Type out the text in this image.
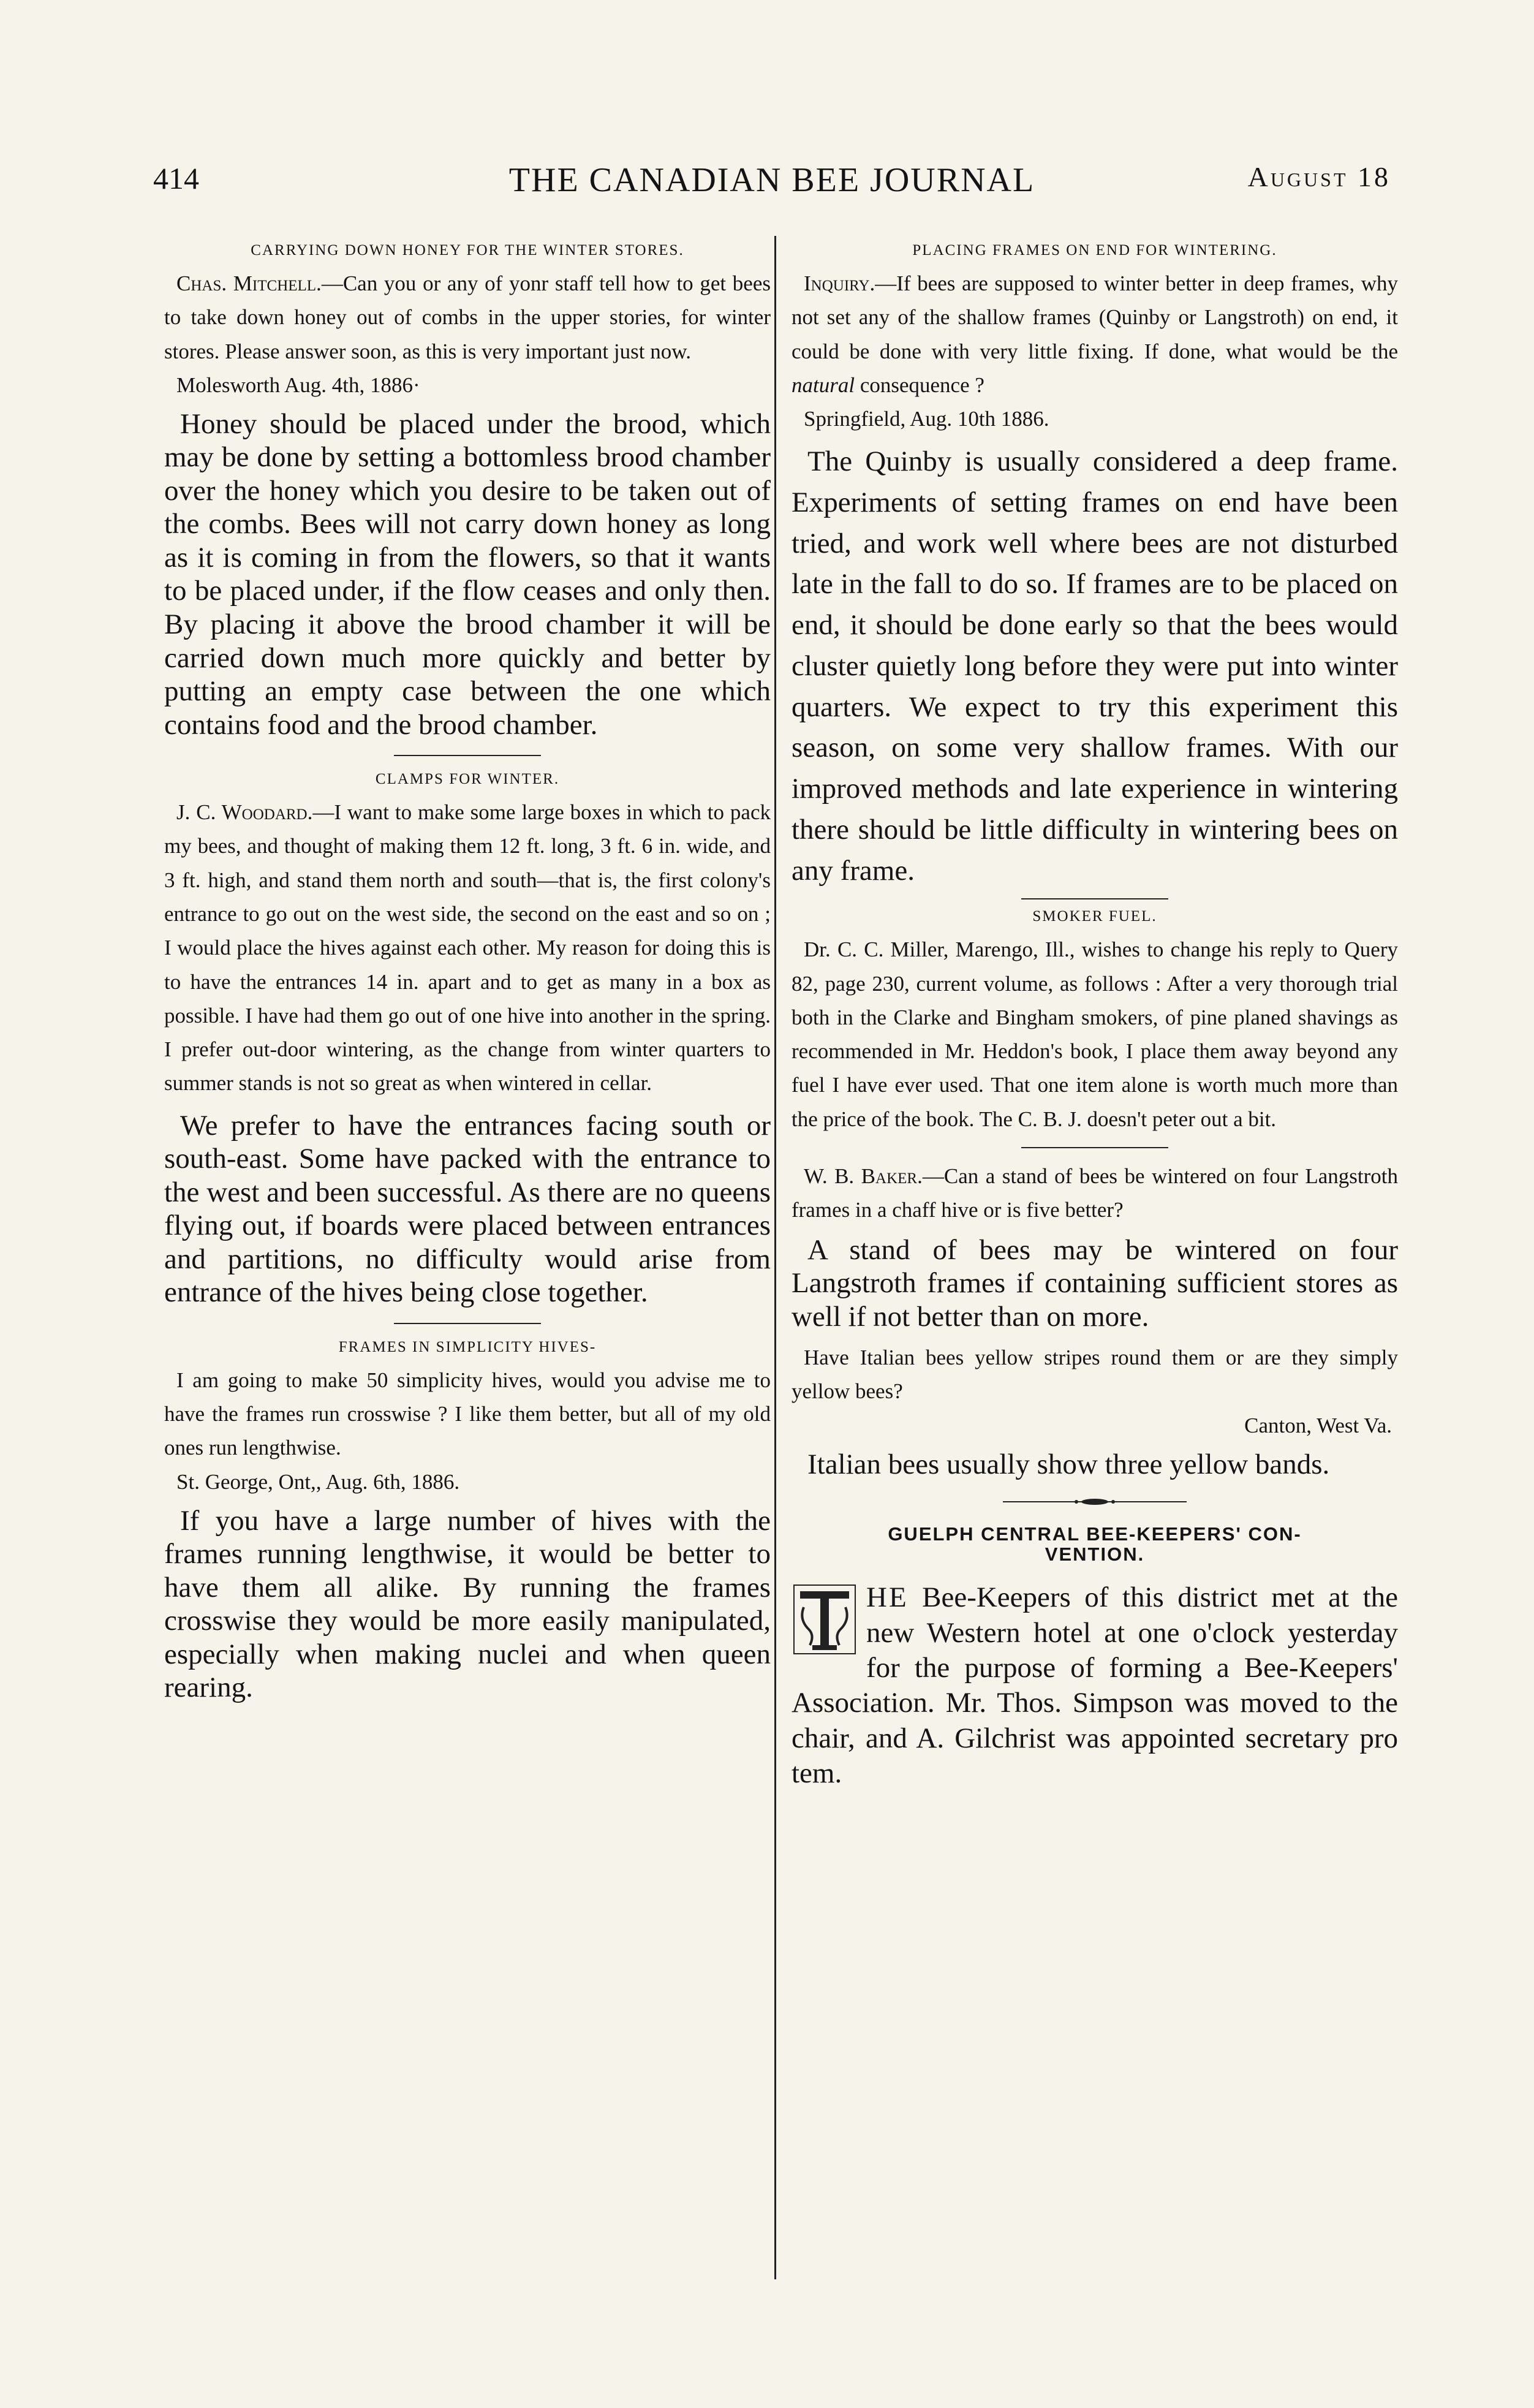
414	THE CANADIAN BEE JOURNAL	August 18
CARRYING DOWN HONEY FOR THE WINTER STORES.

Chas. Mitchell.—Can you or any of yonr staff tell how to get bees to take down honey out of combs in the upper stories, for winter stores. Please answer soon, as this is very important just now.

Molesworth Aug. 4th, 1886·

Honey should be placed under the brood, which may be done by setting a bottomless brood chamber over the honey which you desire to be taken out of the combs. Bees will not carry down honey as long as it is coming in from the flowers, so that it wants to be placed under, if the flow ceases and only then. By placing it above the brood chamber it will be carried down much more quickly and better by putting an empty case between the one which contains food and the brood chamber.

CLAMPS FOR WINTER.

J. C. Woodard.—I want to make some large boxes in which to pack my bees, and thought of making them 12 ft. long, 3 ft. 6 in. wide, and 3 ft. high, and stand them north and south—that is, the first colony's entrance to go out on the west side, the second on the east and so on ; I would place the hives against each other. My reason for doing this is to have the entrances 14 in. apart and to get as many in a box as possible. I have had them go out of one hive into another in the spring. I prefer out-door wintering, as the change from winter quarters to summer stands is not so great as when wintered in cellar.

We prefer to have the entrances facing south or south-east. Some have packed with the entrance to the west and been successful. As there are no queens flying out, if boards were placed between entrances and partitions, no difficulty would arise from entrance of the hives being close together.

FRAMES IN SIMPLICITY HIVES-

I am going to make 50 simplicity hives, would you advise me to have the frames run crosswise ? I like them better, but all of my old ones run lengthwise.

St. George, Ont,, Aug. 6th, 1886.

If you have a large number of hives with the frames running lengthwise, it would be better to have them all alike. By running the frames crosswise they would be more easily manipulated, especially when making nuclei and when queen rearing.

PLACING FRAMES ON END FOR WINTERING.

Inquiry.—If bees are supposed to winter better in deep frames, why not set any of the shallow frames (Quinby or Langstroth) on end, it could be done with very little fixing. If done, what would be the natural consequence ?

Springfield, Aug. 10th 1886.

The Quinby is usually considered a deep frame. Experiments of setting frames on end have been tried, and work well where bees are not disturbed late in the fall to do so. If frames are to be placed on end, it should be done early so that the bees would cluster quietly long before they were put into winter quarters. We expect to try this experiment this season, on some very shallow frames. With our improved methods and late experience in wintering there should be little difficulty in wintering bees on any frame.

SMOKER FUEL.

Dr. C. C. Miller, Marengo, Ill., wishes to change his reply to Query 82, page 230, current volume, as follows : After a very thorough trial both in the Clarke and Bingham smokers, of pine planed shavings as recommended in Mr. Heddon's book, I place them away beyond any fuel I have ever used. That one item alone is worth much more than the price of the book. The C. B. J. doesn't peter out a bit.

W. B. Baker.—Can a stand of bees be wintered on four Langstroth frames in a chaff hive or is five better?

A stand of bees may be wintered on four Langstroth frames if containing sufficient stores as well if not better than on more.

Have Italian bees yellow stripes round them or are they simply yellow bees?

Canton, West Va.

Italian bees usually show three yellow bands.

GUELPH CENTRAL BEE-KEEPERS' CON-
VENTION.

HE Bee-Keepers of this district met at the new Western hotel at one o'clock yesterday for the purpose of forming a Bee-Keepers' Association. Mr. Thos. Simpson was moved to the chair, and A. Gilchrist was appointed secretary pro tem.
